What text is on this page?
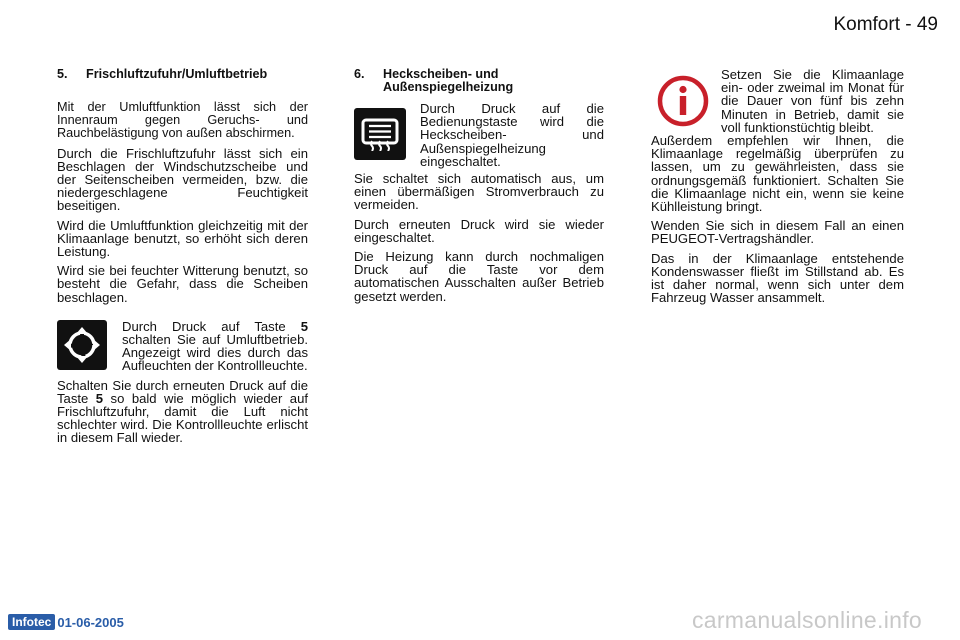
Komfort - 49
5.	Frischluftzufuhr/Umluftbetrieb

Mit der Umluftfunktion lässt sich der Innenraum gegen Geruchs- und Rauchbelästigung von außen abschirmen.

Durch die Frischluftzufuhr lässt sich ein Beschlagen der Windschutzscheibe und der Seitenscheiben vermeiden, bzw. die niedergeschlagene Feuchtigkeit beseitigen.

Wird die Umluftfunktion gleichzeitig mit der Klimaanlage benutzt, so erhöht sich deren Leistung.

Wird sie bei feuchter Witterung benutzt, so besteht die Gefahr, dass die Scheiben beschlagen.

Durch Druck auf Taste 5 schalten Sie auf Umluftbetrieb. Angezeigt wird dies durch das Aufleuchten der Kontrollleuchte.

Schalten Sie durch erneuten Druck auf die Taste 5 so bald wie möglich wieder auf Frischluftzufuhr, damit die Luft nicht schlechter wird. Die Kontrollleuchte erlischt in diesem Fall wieder.

6.	Heckscheiben- und Außenspiegelheizung
Durch Druck auf die Bedienungstaste wird die Heckscheiben- und Außenspiegelheizung eingeschaltet.

Sie schaltet sich automatisch aus, um einen übermäßigen Stromverbrauch zu vermeiden.

Durch erneuten Druck wird sie wieder eingeschaltet.

Die Heizung kann durch nochmaligen Druck auf die Taste vor dem automatischen Ausschalten außer Betrieb gesetzt werden.

Setzen Sie die Klimaanlage ein- oder zweimal im Monat für die Dauer von fünf bis zehn Minuten in Betrieb, damit sie voll funktionstüchtig bleibt.

Außerdem empfehlen wir Ihnen, die Klimaanlage regelmäßig überprüfen zu lassen, um zu gewährleisten, dass sie ordnungsgemäß funktioniert. Schalten Sie die Klimaanlage nicht ein, wenn sie keine Kühlleistung bringt.

Wenden Sie sich in diesem Fall an einen PEUGEOT-Vertragshändler.

Das in der Klimaanlage entstehende Kondenswasser fließt im Stillstand ab. Es ist daher normal, wenn sich unter dem Fahrzeug Wasser ansammelt.

Infotec 01-06-2005	carmanualsonline.info
